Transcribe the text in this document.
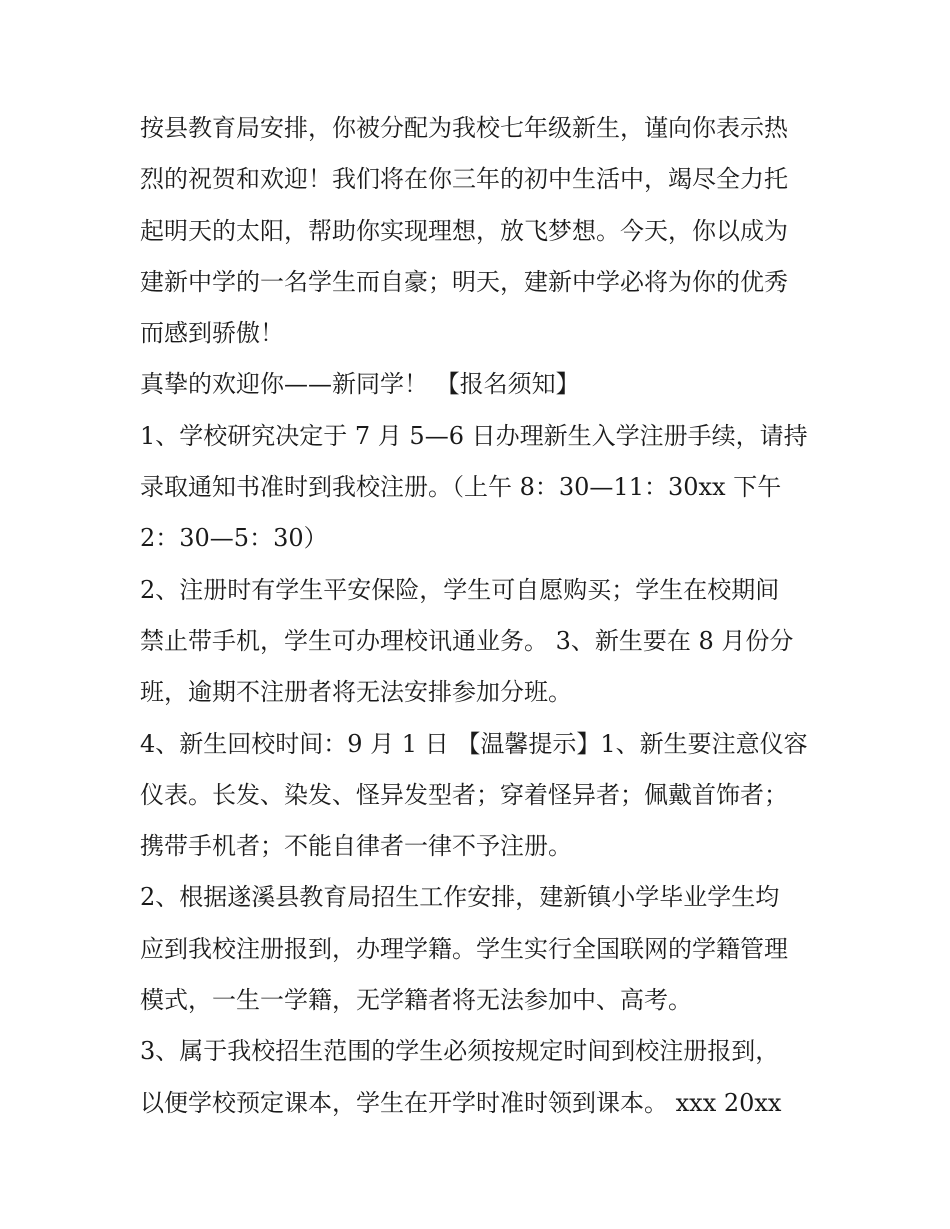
按县教育局安排，你被分配为我校七年级新生，谨向你表示热
烈的祝贺和欢迎！我们将在你三年的初中生活中，竭尽全力托
起明天的太阳，帮助你实现理想，放飞梦想。今天，你以成为
建新中学的一名学生而自豪；明天，建新中学必将为你的优秀
而感到骄傲！

真挚的欢迎你——新同学！ 【报名须知】

1、学校研究决定于 7 月 5—6 日办理新生入学注册手续，请持
录取通知书准时到我校注册。（上午 8：30—11：30xx 下午
2：30—5：30）

2、注册时有学生平安保险，学生可自愿购买；学生在校期间
禁止带手机，学生可办理校讯通业务。 3、新生要在 8 月份分
班，逾期不注册者将无法安排参加分班。

4、新生回校时间：9 月 1 日 【温馨提示】1、新生要注意仪容
仪表。长发、染发、怪异发型者；穿着怪异者；佩戴首饰者；
携带手机者；不能自律者一律不予注册。

2、根据遂溪县教育局招生工作安排，建新镇小学毕业学生均
应到我校注册报到，办理学籍。学生实行全国联网的学籍管理
模式，一生一学籍，无学籍者将无法参加中、高考。

3、属于我校招生范围的学生必须按规定时间到校注册报到，
以便学校预定课本，学生在开学时准时领到课本。 xxx 20xx
